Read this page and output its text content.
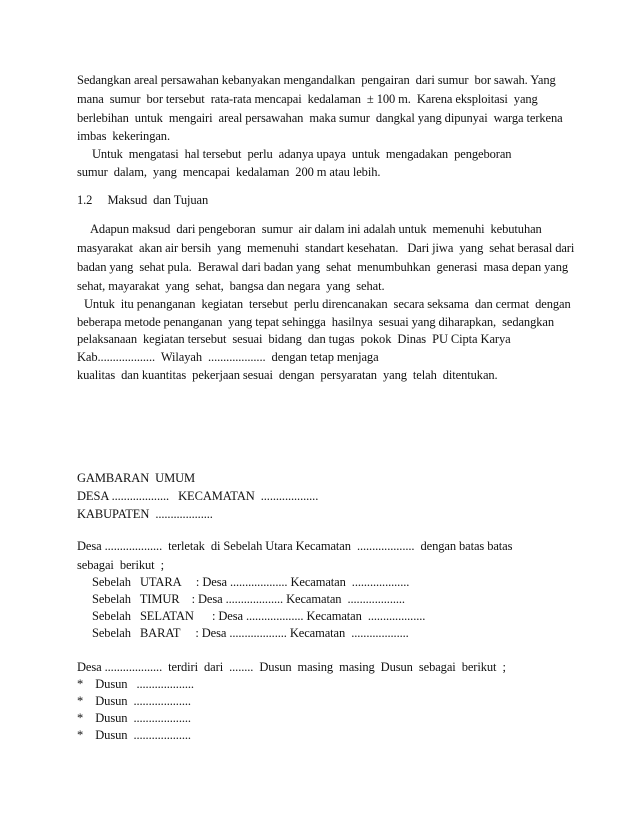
Sedangkan areal persawahan kebanyakan mengandalkan  pengairan  dari sumur  bor sawah. Yang
mana  sumur  bor tersebut  rata-rata mencapai  kedalaman  ± 100 m.  Karena eksploitasi  yang
berlebihan  untuk  mengairi  areal persawahan  maka sumur  dangkal yang dipunyai  warga terkena
imbas  kekeringan.
Untuk  mengatasi  hal tersebut  perlu  adanya upaya  untuk  mengadakan  pengeboran
sumur  dalam,  yang  mencapai  kedalaman  200 m atau lebih.
1.2     Maksud  dan Tujuan
Adapun maksud  dari pengeboran  sumur  air dalam ini adalah untuk  memenuhi  kebutuhan
masyarakat  akan air bersih  yang  memenuhi  standart kesehatan.   Dari jiwa  yang  sehat berasal dari
badan yang  sehat pula.  Berawal dari badan yang  sehat  menumbuhkan  generasi  masa depan yang
sehat, mayarakat  yang  sehat,  bangsa dan negara  yang  sehat.
Untuk  itu penanganan  kegiatan  tersebut  perlu direncanakan  secara seksama  dan cermat  dengan
beberapa metode penanganan  yang tepat sehingga  hasilnya  sesuai yang diharapkan,  sedangkan
pelaksanaan  kegiatan tersebut  sesuai  bidang  dan tugas  pokok  Dinas  PU Cipta Karya
Kab...................  Wilayah  ...................  dengan tetap menjaga
kualitas  dan kuantitas  pekerjaan sesuai  dengan  persyaratan  yang  telah  ditentukan.
GAMBARAN  UMUM
DESA ...................   KECAMATAN  ...................
KABUPATEN  ...................
Desa ...................  terletak  di Sebelah Utara Kecamatan  ...................  dengan batas batas
sebagai  berikut  ;
Sebelah   UTARA     : Desa ................... Kecamatan  ...................
Sebelah   TIMUR    : Desa ................... Kecamatan  ...................
Sebelah   SELATAN      : Desa ................... Kecamatan  ...................
Sebelah   BARAT     : Desa ................... Kecamatan  ...................
Desa ...................  terdiri  dari  ........  Dusun  masing  masing  Dusun  sebagai  berikut  ;
*    Dusun   ...................
*    Dusun  ...................
*    Dusun  ...................
*    Dusun  ...................
